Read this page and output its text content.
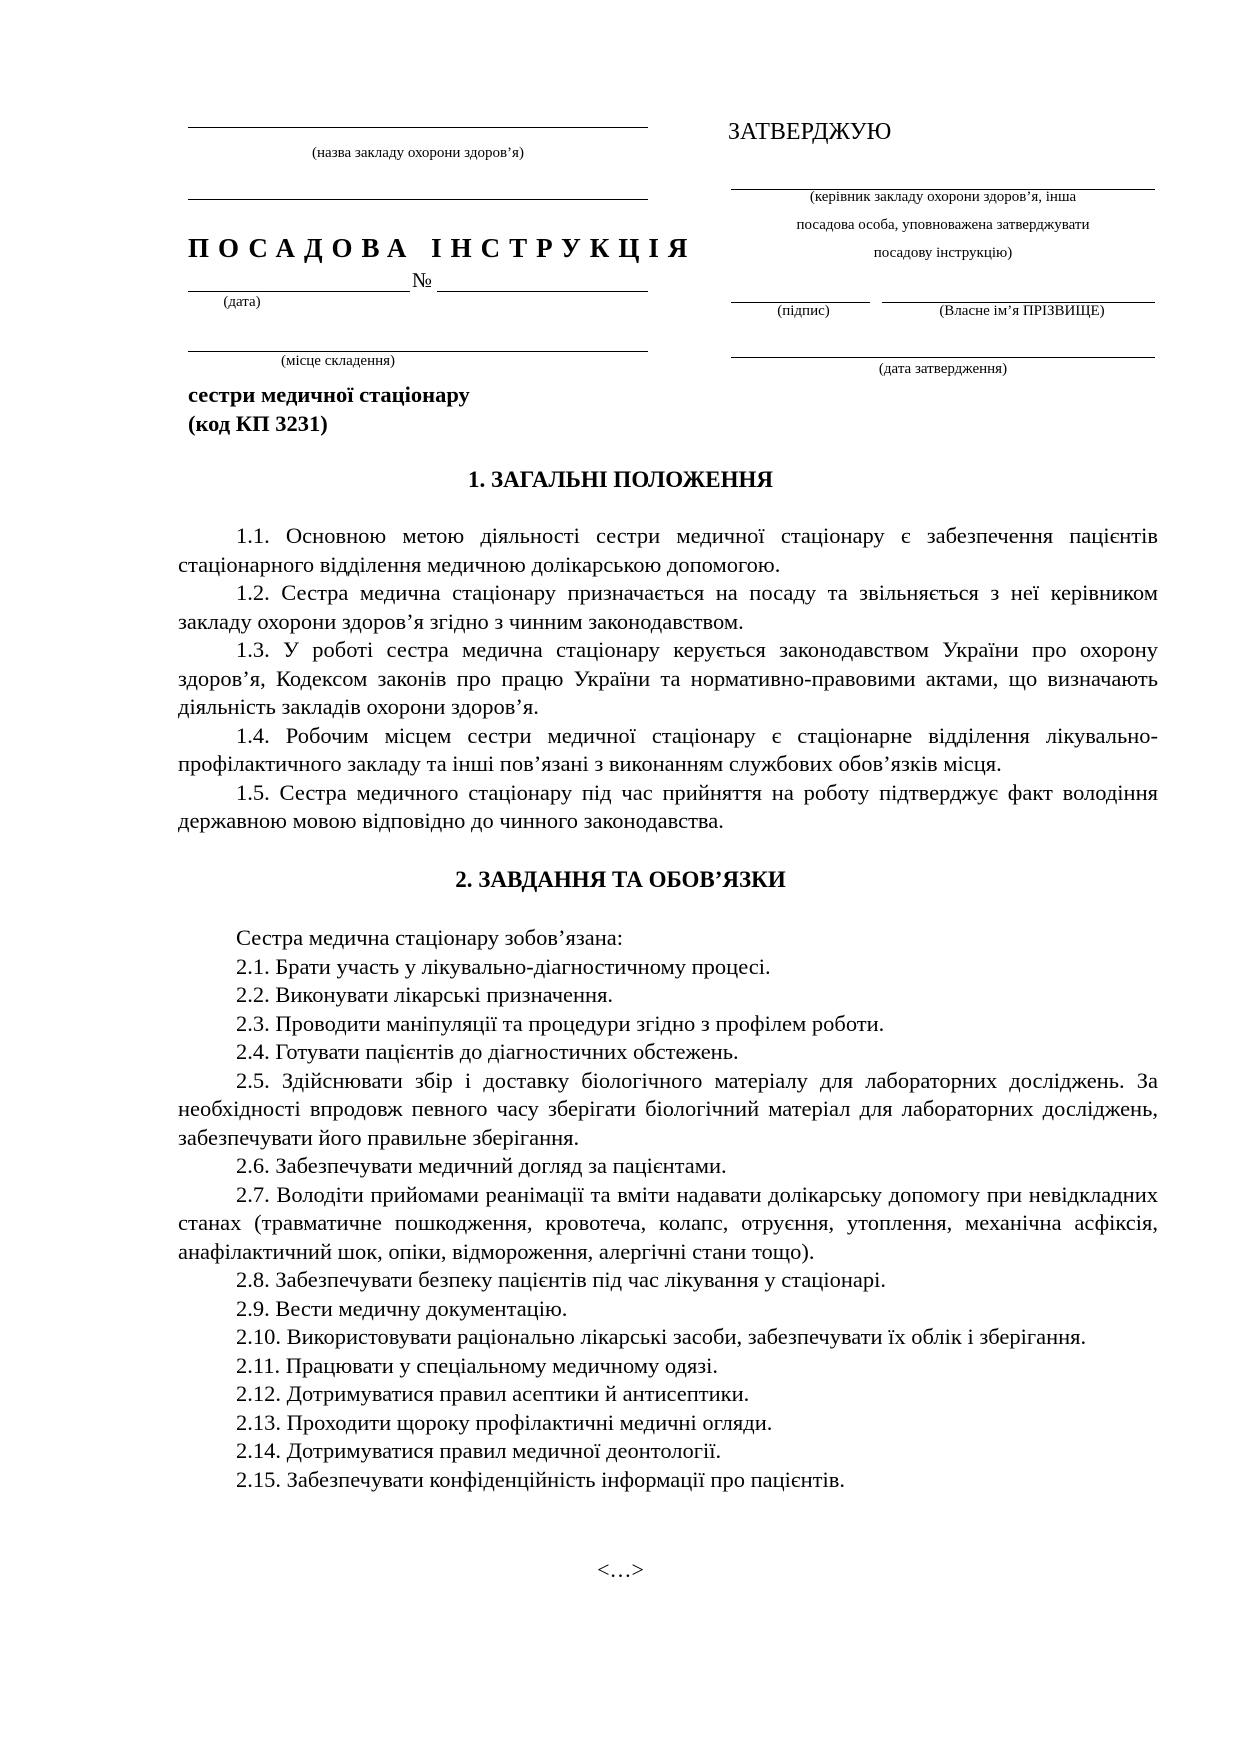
(назва закладу охорони здоров’я)
ПОСАДОВА ІНСТРУКЦІЯ
№
(дата)
(місце складення)
сестри медичної стаціонару
(код КП 3231)
ЗАТВЕРДЖУЮ
(керівник закладу охорони здоров’я, інша
посадова особа, уповноважена затверджувати
посадову інструкцію)
(підпис)	(Власне ім’я ПРІЗВИЩЕ)
(дата затвердження)
1. ЗАГАЛЬНІ ПОЛОЖЕННЯ

1.1. Основною метою діяльності сестри медичної стаціонару є забезпечення пацієнтів стаціонарного відділення медичною долікарською допомогою.

1.2. Сестра медична стаціонару призначається на посаду та звільняється з неї керівником закладу охорони здоров’я згідно з чинним законодавством.

1.3. У роботі сестра медична стаціонару керується законодавством України про охорону здоров’я, Кодексом законів про працю України та нормативно-правовими актами, що визначають діяльність закладів охорони здоров’я.

1.4. Робочим місцем сестри медичної стаціонару є стаціонарне відділення лікувально-профілактичного закладу та інші пов’язані з виконанням службових обов’язків місця.

1.5. Сестра медичного стаціонару під час прийняття на роботу підтверджує факт володіння державною мовою відповідно до чинного законодавства.

2. ЗАВДАННЯ ТА ОБОВ’ЯЗКИ

Сестра медична стаціонару зобов’язана:

2.1. Брати участь у лікувально-діагностичному процесі.

2.2. Виконувати лікарські призначення.

2.3. Проводити маніпуляції та процедури згідно з профілем роботи.

2.4. Готувати пацієнтів до діагностичних обстежень.

2.5. Здійснювати збір і доставку біологічного матеріалу для лабораторних досліджень. За необхідності впродовж певного часу зберігати біологічний матеріал для лабораторних досліджень, забезпечувати його правильне зберігання.

2.6. Забезпечувати медичний догляд за пацієнтами.

2.7. Володіти прийомами реанімації та вміти надавати долікарську допомогу при невідкладних станах (травматичне пошкодження, кровотеча, колапс, отруєння, утоплення, механічна асфіксія, анафілактичний шок, опіки, відмороження, алергічні стани тощо).

2.8. Забезпечувати безпеку пацієнтів під час лікування у стаціонарі.

2.9. Вести медичну документацію.

2.10. Використовувати раціонально лікарські засоби, забезпечувати їх облік і зберігання.

2.11. Працювати у спеціальному медичному одязі.

2.12. Дотримуватися правил асептики й антисептики.

2.13. Проходити щороку профілактичні медичні огляди.

2.14. Дотримуватися правил медичної деонтології.

2.15. Забезпечувати конфіденційність інформації про пацієнтів.

<…>
